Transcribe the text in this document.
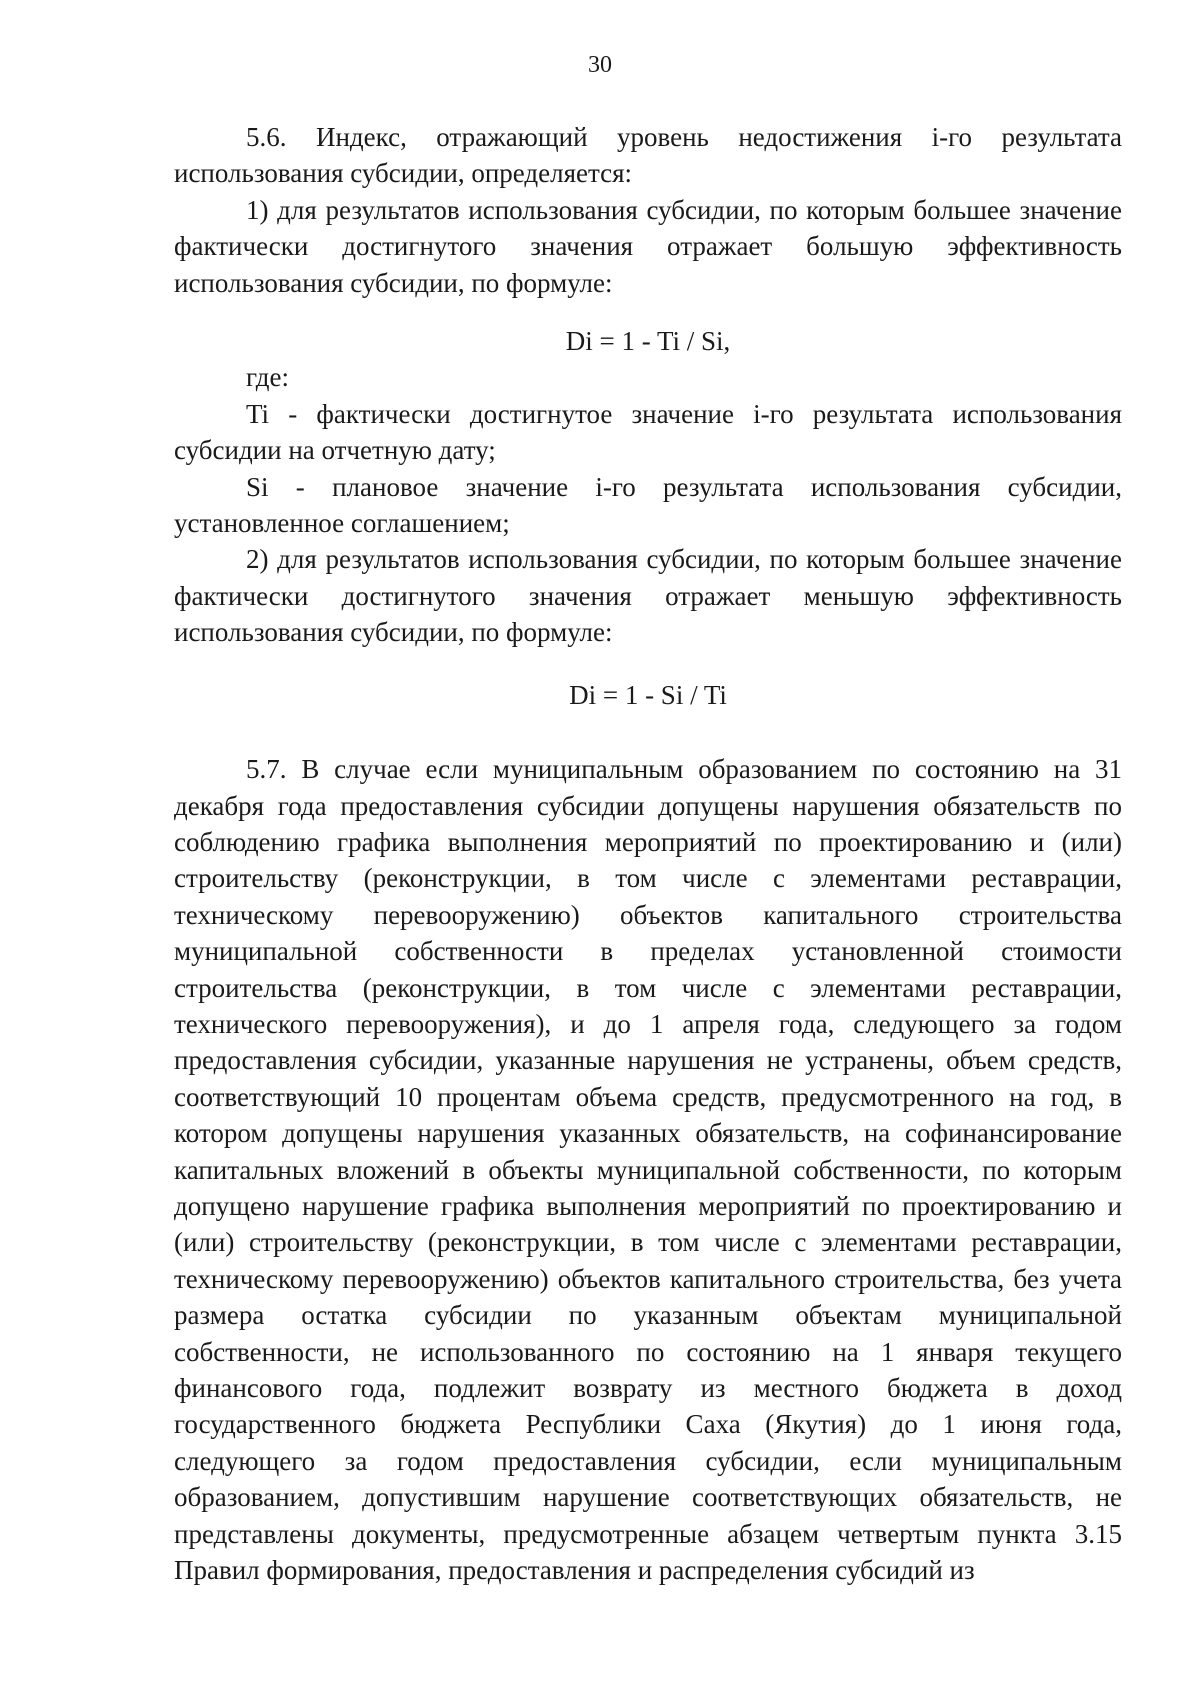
30

5.6. Индекс, отражающий уровень недостижения i-го результата использования субсидии, определяется:

1) для результатов использования субсидии, по которым большее значение фактически достигнутого значения отражает большую эффективность использования субсидии, по формуле:

Di = 1 - Ti / Si,

где:

Ti - фактически достигнутое значение i-го результата использования субсидии на отчетную дату;

Si - плановое значение i-го результата использования субсидии, установленное соглашением;

2) для результатов использования субсидии, по которым большее значение фактически достигнутого значения отражает меньшую эффективность использования субсидии, по формуле:

Di = 1 - Si / Ti

5.7. В случае если муниципальным образованием по состоянию на 31 декабря года предоставления субсидии допущены нарушения обязательств по соблюдению графика выполнения мероприятий по проектированию и (или) строительству (реконструкции, в том числе с элементами реставрации, техническому перевооружению) объектов капитального строительства муниципальной собственности в пределах установленной стоимости строительства (реконструкции, в том числе с элементами реставрации, технического перевооружения), и до 1 апреля года, следующего за годом предоставления субсидии, указанные нарушения не устранены, объем средств, соответствующий 10 процентам объема средств, предусмотренного на год, в котором допущены нарушения указанных обязательств, на софинансирование капитальных вложений в объекты муниципальной собственности, по которым допущено нарушение графика выполнения мероприятий по проектированию и (или) строительству (реконструкции, в том числе с элементами реставрации, техническому перевооружению) объектов капитального строительства, без учета размера остатка субсидии по указанным объектам муниципальной собственности, не использованного по состоянию на 1 января текущего финансового года, подлежит возврату из местного бюджета в доход государственного бюджета Республики Саха (Якутия) до 1 июня года, следующего за годом предоставления субсидии, если муниципальным образованием, допустившим нарушение соответствующих обязательств, не представлены документы, предусмотренные абзацем четвертым пункта 3.15 Правил формирования, предоставления и распределения субсидий из
